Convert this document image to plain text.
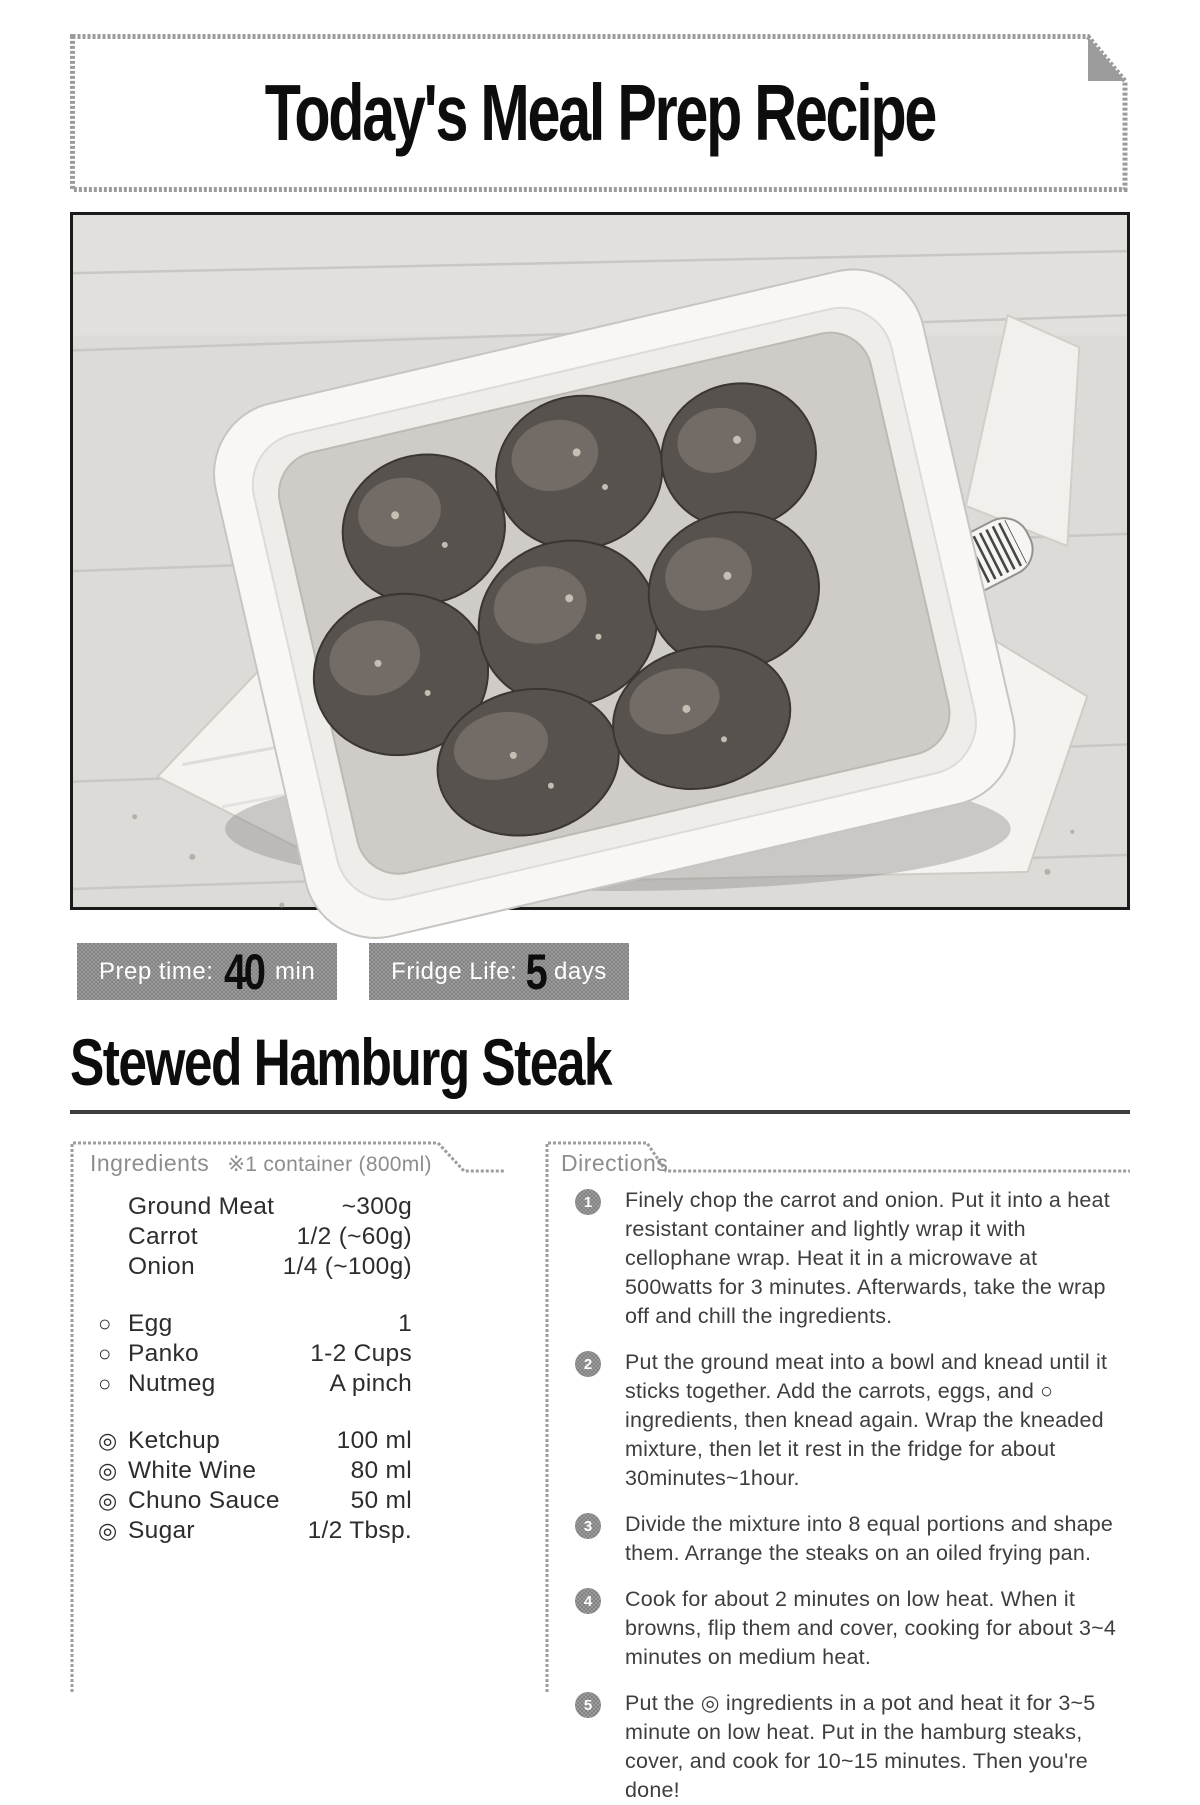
Today's Meal Prep Recipe
Prep time: 40 min	Fridge Life: 5 days
Stewed Hamburg Steak
Ingredients ※1 container (800ml)
Ground Meat	~300g
Carrot	1/2 (~60g)
Onion	1/4 (~100g)
○ Egg	1
○ Panko	1-2 Cups
○ Nutmeg	A pinch
◎ Ketchup	100 ml
◎ White Wine	80 ml
◎ Chuno Sauce	50 ml
◎ Sugar	1/2 Tbsp.
Directions
1	Finely chop the carrot and onion. Put it into a heat resistant container and lightly wrap it with cellophane wrap. Heat it in a microwave at 500watts for 3 minutes. Afterwards, take the wrap off and chill the ingredients.

2	Put the ground meat into a bowl and knead until it sticks together. Add the carrots, eggs, and ○ ingredients, then knead again. Wrap the kneaded mixture, then let it rest in the fridge for about 30minutes~1hour.

3	Divide the mixture into 8 equal portions and shape them. Arrange the steaks on an oiled frying pan.

4	Cook for about 2 minutes on low heat. When it browns, flip them and cover, cooking for about 3~4 minutes on medium heat.

5	Put the ◎ ingredients in a pot and heat it for 3~5 minute on low heat. Put in the hamburg steaks, cover, and cook for 10~15 minutes. Then you're done!
